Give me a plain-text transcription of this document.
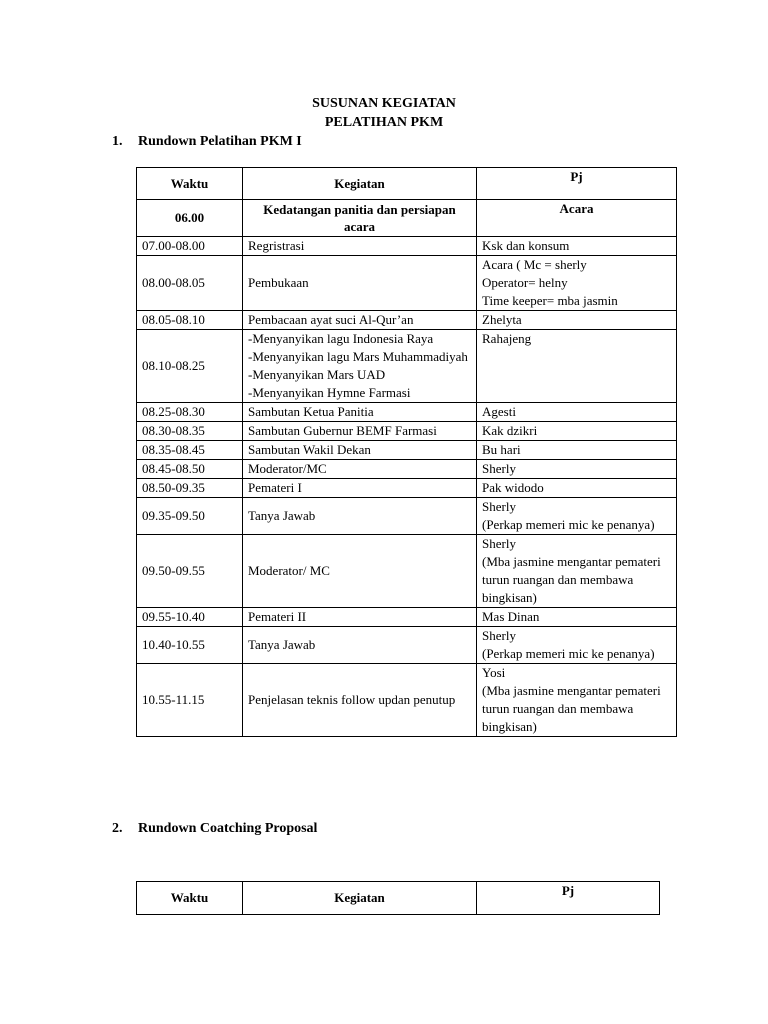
SUSUNAN KEGIATAN
PELATIHAN PKM
1. Rundown Pelatihan PKM I
Waktu	Kegiatan	Pj
06.00	Kedatangan panitia dan persiapan acara	Acara
07.00-08.00	Regristrasi	Ksk dan konsum

08.00-08.05	Pembukaan	Acara ( Mc = sherly
Operator= helny
Time keeper= mba jasmin

08.05-08.10	Pembacaan ayat suci Al-Qur’an	Zhelyta

08.10-08.25	-Menyanyikan lagu Indonesia Raya
-Menyanyikan lagu Mars Muhammadiyah
-Menyanyikan Mars UAD
-Menyanyikan Hymne Farmasi	Rahajeng

08.25-08.30	Sambutan Ketua Panitia	Agesti

08.30-08.35	Sambutan Gubernur BEMF Farmasi	Kak dzikri

08.35-08.45	Sambutan Wakil Dekan	Bu hari

08.45-08.50	Moderator/MC	Sherly

08.50-09.35	Pemateri I	Pak widodo

09.35-09.50	Tanya Jawab	Sherly
(Perkap memeri mic ke penanya)

09.50-09.55	Moderator/ MC	Sherly
(Mba jasmine mengantar pemateri turun ruangan dan membawa bingkisan)

09.55-10.40	Pemateri II	Mas Dinan

10.40-10.55	Tanya Jawab	Sherly
(Perkap memeri mic ke penanya)

10.55-11.15	Penjelasan teknis follow updan penutup	Yosi
(Mba jasmine mengantar pemateri turun ruangan dan membawa bingkisan)
2. Rundown Coatching Proposal
Waktu	Kegiatan	Pj
